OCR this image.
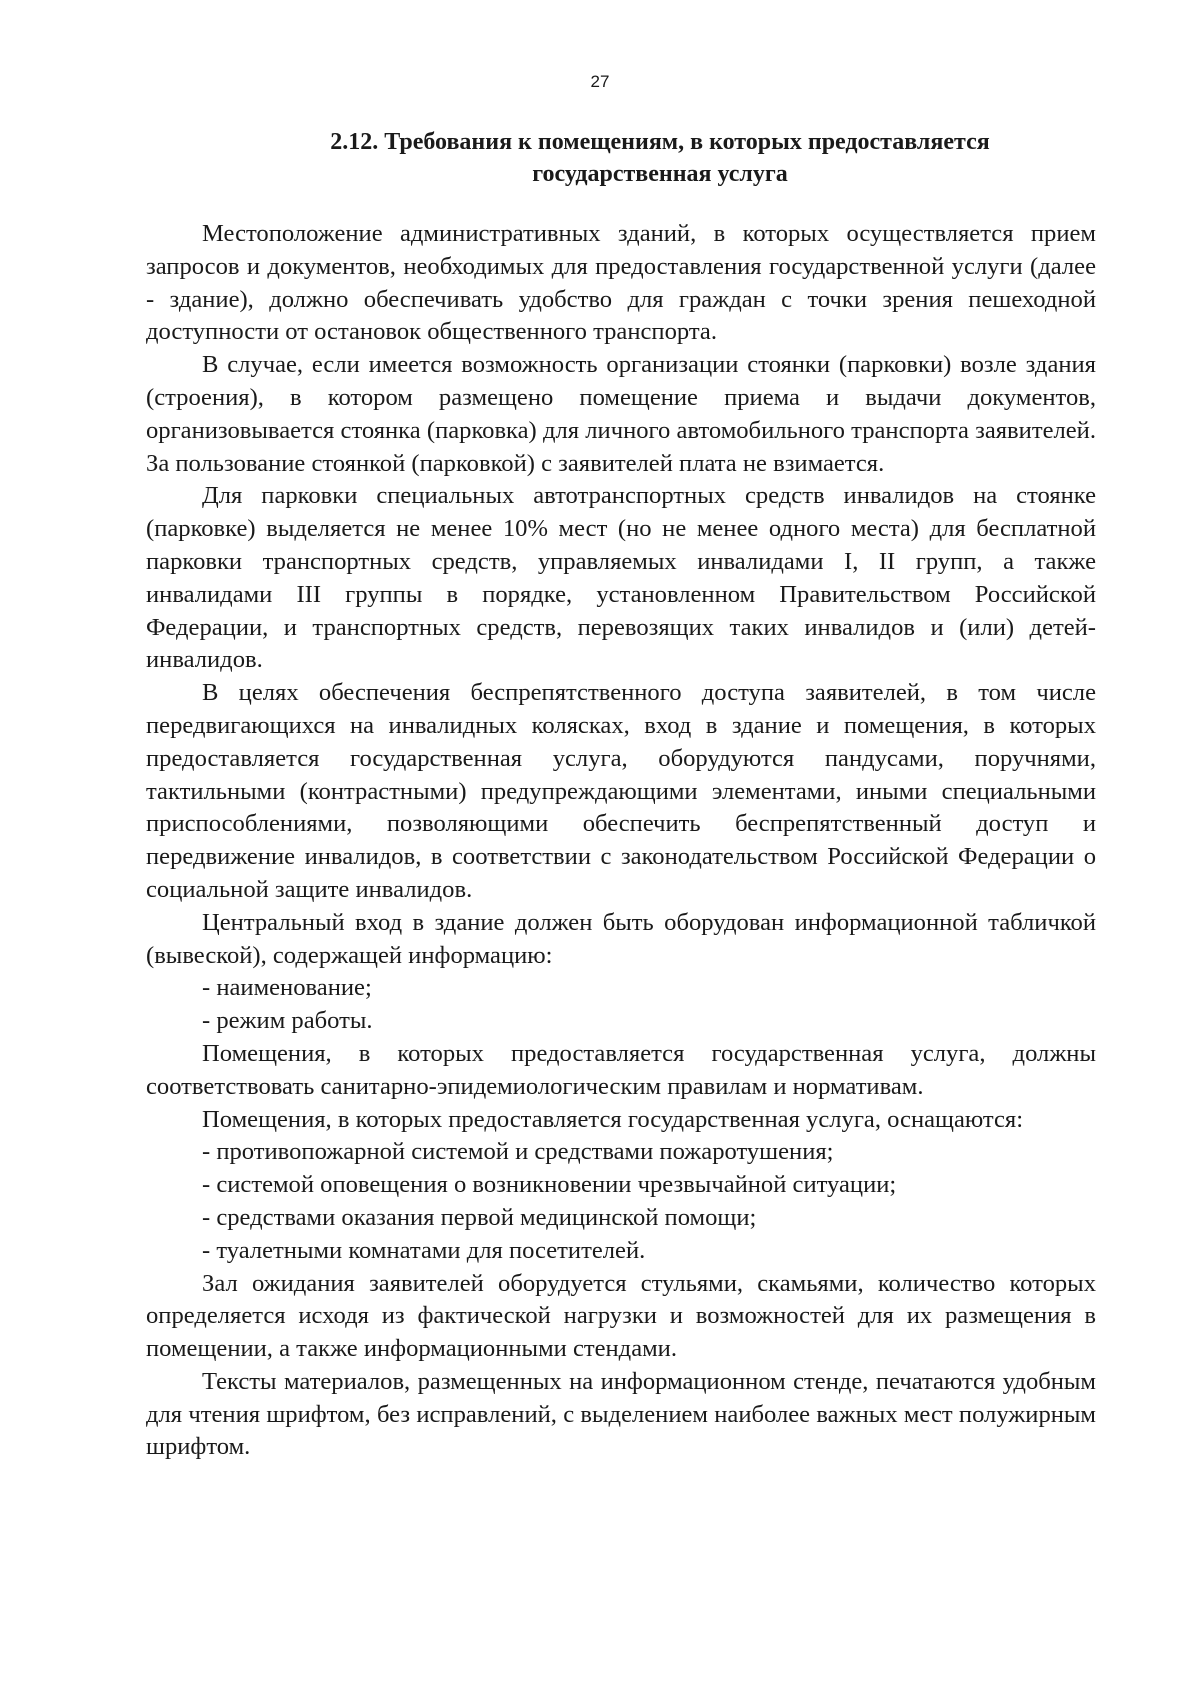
27
2.12. Требования к помещениям, в которых предоставляется
государственная услуга

Местоположение административных зданий, в которых осуществляется прием запросов и документов, необходимых для предоставления государственной услуги (далее - здание), должно обеспечивать удобство для граждан с точки зрения пешеходной доступности от остановок общественного транспорта.

В случае, если имеется возможность организации стоянки (парковки) возле здания (строения), в котором размещено помещение приема и выдачи документов, организовывается стоянка (парковка) для личного автомобильного транспорта заявителей. За пользование стоянкой (парковкой) с заявителей плата не взимается.

Для парковки специальных автотранспортных средств инвалидов на стоянке (парковке) выделяется не менее 10% мест (но не менее одного места) для бесплатной парковки транспортных средств, управляемых инвалидами I, II групп, а также инвалидами III группы в порядке, установленном Правительством Российской Федерации, и транспортных средств, перевозящих таких инвалидов и (или) детей-инвалидов.

В целях обеспечения беспрепятственного доступа заявителей, в том числе передвигающихся на инвалидных колясках, вход в здание и помещения, в которых предоставляется государственная услуга, оборудуются пандусами, поручнями, тактильными (контрастными) предупреждающими элементами, иными специальными приспособлениями, позволяющими обеспечить беспрепятственный доступ и передвижение инвалидов, в соответствии с законодательством Российской Федерации о социальной защите инвалидов.

Центральный вход в здание должен быть оборудован информационной табличкой (вывеской), содержащей информацию:

- наименование;

- режим работы.

Помещения, в которых предоставляется государственная услуга, должны соответствовать санитарно-эпидемиологическим правилам и нормативам.

Помещения, в которых предоставляется государственная услуга, оснащаются:

- противопожарной системой и средствами пожаротушения;

- системой оповещения о возникновении чрезвычайной ситуации;

- средствами оказания первой медицинской помощи;

- туалетными комнатами для посетителей.

Зал ожидания заявителей оборудуется стульями, скамьями, количество которых определяется исходя из фактической нагрузки и возможностей для их размещения в помещении, а также информационными стендами.

Тексты материалов, размещенных на информационном стенде, печатаются удобным для чтения шрифтом, без исправлений, с выделением наиболее важных мест полужирным шрифтом.
